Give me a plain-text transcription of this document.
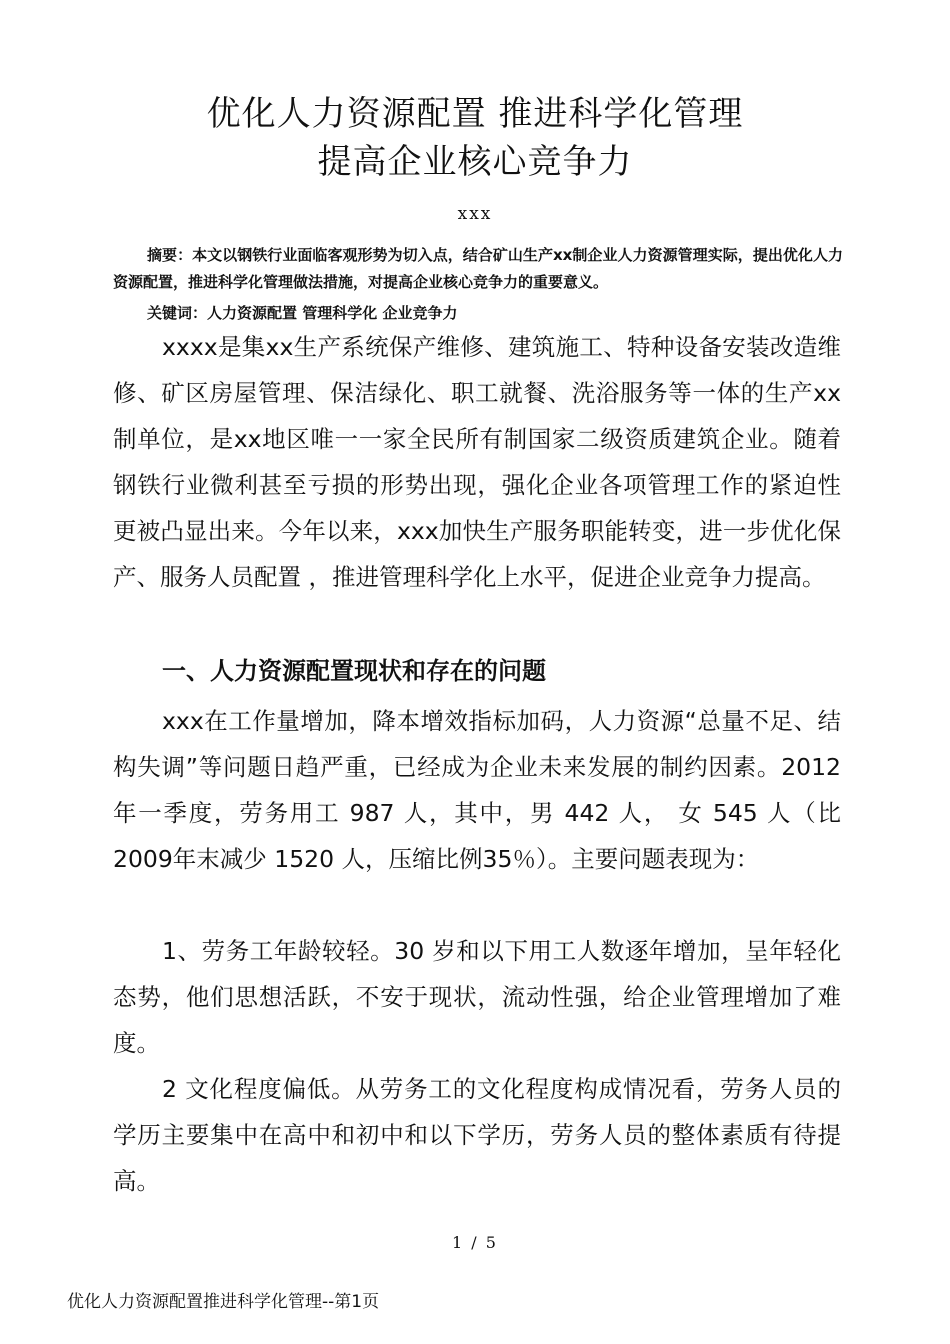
优化人力资源配置 推进科学化管理
提高企业核心竞争力
xxx
摘要：本文以钢铁行业面临客观形势为切入点，结合矿山生产xx制企业人力资源管理实际，提出优化人力资源配置，推进科学化管理做法措施，对提高企业核心竞争力的重要意义。
关键词：人力资源配置 管理科学化 企业竞争力
xxxx是集xx生产系统保产维修、建筑施工、特种设备安装改造维修、矿区房屋管理、保洁绿化、职工就餐、洗浴服务等一体的生产xx制单位，是xx地区唯一一家全民所有制国家二级资质建筑企业。随着钢铁行业微利甚至亏损的形势出现，强化企业各项管理工作的紧迫性更被凸显出来。今年以来，xxx加快生产服务职能转变，进一步优化保产、服务人员配置 ，推进管理科学化上水平，促进企业竞争力提高。
一、人力资源配置现状和存在的问题
xxx在工作量增加，降本增效指标加码，人力资源“总量不足、结构失调”等问题日趋严重，已经成为企业未来发展的制约因素。2012年一季度，劳务用工 987 人，其中，男 442 人， 女 545 人（比2009年末减少 1520 人，压缩比例35％）。主要问题表现为：
1、劳务工年龄较轻。30 岁和以下用工人数逐年增加，呈年轻化态势，他们思想活跃，不安于现状，流动性强，给企业管理增加了难度。
2 文化程度偏低。从劳务工的文化程度构成情况看，劳务人员的学历主要集中在高中和初中和以下学历，劳务人员的整体素质有待提高。
1 / 5
优化人力资源配置推进科学化管理--第1页
